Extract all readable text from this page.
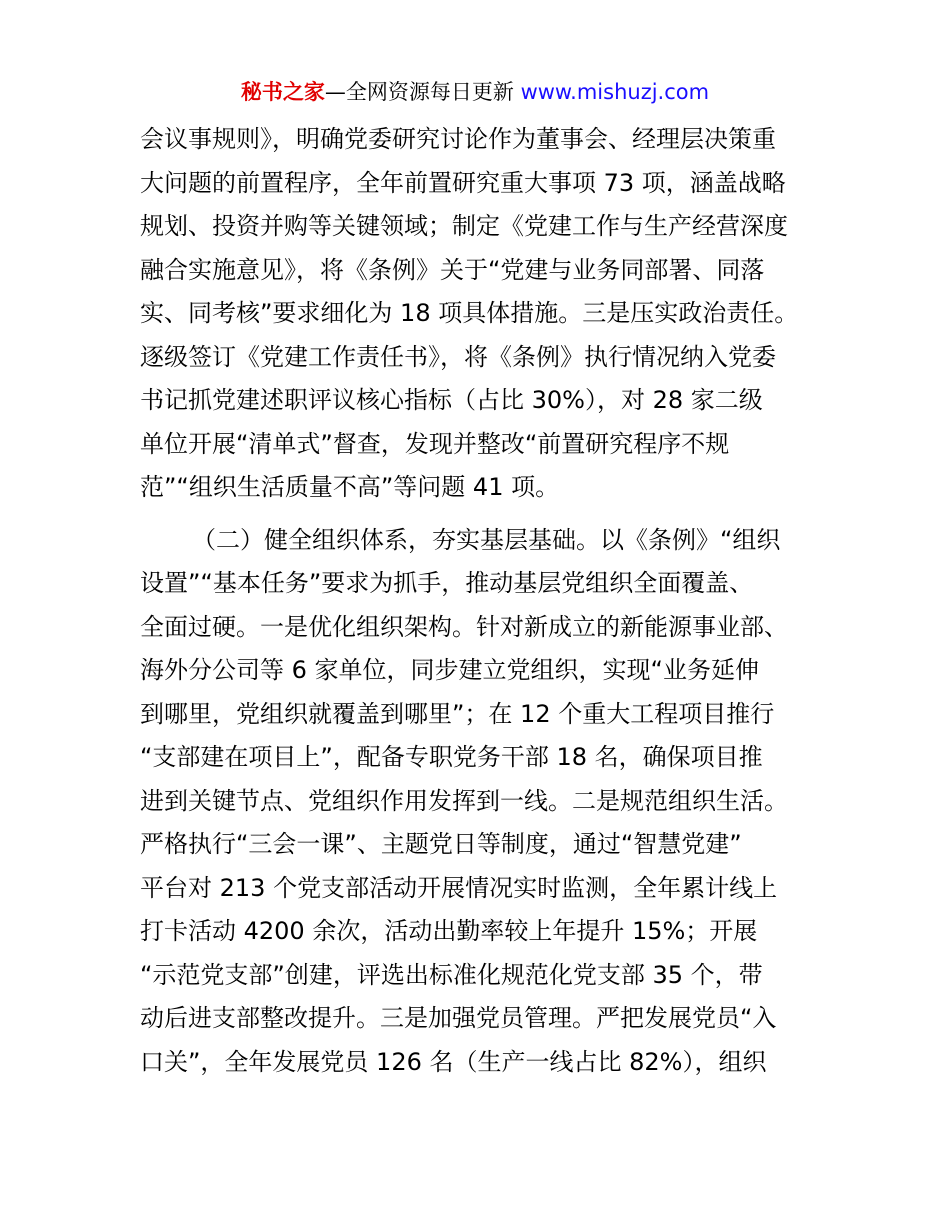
秘书之家—全网资源每日更新 www.mishuzj.com
会议事规则》，明确党委研究讨论作为董事会、经理层决策重
大问题的前置程序，全年前置研究重大事项 73 项，涵盖战略
规划、投资并购等关键领域；制定《党建工作与生产经营深度
融合实施意见》，将《条例》关于“党建与业务同部署、同落
实、同考核”要求细化为 18 项具体措施。三是压实政治责任。
逐级签订《党建工作责任书》，将《条例》执行情况纳入党委
书记抓党建述职评议核心指标（占比 30%），对 28 家二级
单位开展“清单式”督查，发现并整改“前置研究程序不规
范”“组织生活质量不高”等问题 41 项。
（二）健全组织体系，夯实基层基础。以《条例》“组织
设置”“基本任务”要求为抓手，推动基层党组织全面覆盖、
全面过硬。一是优化组织架构。针对新成立的新能源事业部、
海外分公司等 6 家单位，同步建立党组织，实现“业务延伸
到哪里，党组织就覆盖到哪里”；在 12 个重大工程项目推行
“支部建在项目上”，配备专职党务干部 18 名，确保项目推
进到关键节点、党组织作用发挥到一线。二是规范组织生活。
严格执行“三会一课”、主题党日等制度，通过“智慧党建”
平台对 213 个党支部活动开展情况实时监测，全年累计线上
打卡活动 4200 余次，活动出勤率较上年提升 15%；开展
“示范党支部”创建，评选出标准化规范化党支部 35 个，带
动后进支部整改提升。三是加强党员管理。严把发展党员“入
口关”，全年发展党员 126 名（生产一线占比 82%），组织
